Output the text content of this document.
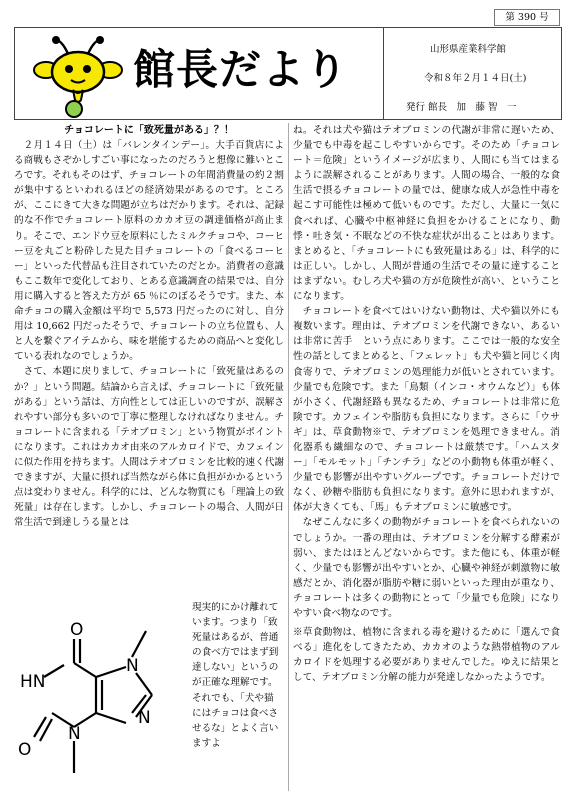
第 390 号
館長だより	山形県産業科学館
令和８年２月１４日(土)
発行 館長　加　藤 智　一
チョコレートに「致死量がある」？！

２月１４日（土）は「バレンタインデー」。大手百貨店による商戦もさぞかしすごい事になったのだろうと想像に難いところです。それもそのはず、チョコレートの年間消費量の約２割が集中するといわれるほどの経済効果があるのです。ところが、ここにきて大きな問題が立ちはだかります。それは、記録的な不作でチョコレート原料のカカオ豆の調達価格が高止まり。そこで、エンドウ豆を原料にしたミルクチョコや、コーヒー豆を丸ごと粉砕した見た目チョコレートの「食べるコーヒー」といった代替品も注目されていたのだとか。消費者の意識もここ数年で変化しており、とある意識調査の結果では、自分用に購入すると答えた方が 65 ％にのぼるそうです。また、本命チョコの購入金額は平均で 5,573 円だったのに対し、自分用は 10,662 円だったそうで、チョコレートの立ち位置も、人と人を繋ぐアイテムから、味を堪能するための商品へと変化している表れなのでしょうか。

さて、本題に戻りまして、チョコレートに「致死量はあるのか？」という問題。結論から言えば、チョコレートに「致死量がある」という話は、方向性としては正しいのですが、誤解されやすい部分も多いので丁寧に整理しなければなりません。チョコレートに含まれる「テオブロミン」という物質がポイントになります。これはカカオ由来のアルカロイドで、カフェインに似た作用を持ちます。人間はテオブロミンを比較的速く代謝できますが、大量に摂れば当然ながら体に負担がかかるという点は変わりません。科学的には、どんな物質にも「理論上の致死量」は存在します。しかし、チョコレートの場合、人間が日常生活で到達しうる量とは

O
N
HN
N
O
N
現実的にかけ離れています。つまり「致死量はあるが、普通の食べ方ではまず到達しない」というのが正確な理解です。それでも、「犬や猫にはチョコは食べさせるな」とよく言いますよ

ね。それは犬や猫はテオブロミンの代謝が非常に遅いため、少量でも中毒を起こしやすいからです。そのため「チョコレート＝危険」というイメージが広まり、人間にも当てはまるように誤解されることがあります。人間の場合、一般的な食生活で摂るチョコレートの量では、健康な成人が急性中毒を起こす可能性は極めて低いものです。ただし、大量に一気に食べれば、心臓や中枢神経に負担をかけることになり、動悸・吐き気・不眠などの不快な症状が出ることはあります。まとめると、「チョコレートにも致死量はある」は、科学的には正しい。しかし、人間が普通の生活でその量に達することはまずない。むしろ犬や猫の方が危険性が高い、ということになります。

チョコレートを食べてはいけない動物は、犬や猫以外にも複数います。理由は、テオブロミンを代謝できない、あるいは非常に苦手　という点にあります。ここでは一般的な安全性の話としてまとめると、「フェレット」も犬や猫と同じく肉食寄りで、テオブロミンの処理能力が低いとされています。少量でも危険です。また「鳥類（インコ・オウムなど）」も体が小さく、代謝経路も異なるため、チョコレートは非常に危険です。カフェインや脂肪も負担になります。さらに「ウサギ」は、草食動物※で、テオブロミンを処理できません。消化器系も繊細なので、チョコレートは厳禁です。「ハムスター」「モルモット」「チンチラ」などの小動物も体重が軽く、少量でも影響が出やすいグループです。チョコレートだけでなく、砂糖や脂肪も負担になります。意外に思われますが、体が大きくても、「馬」もテオブロミンに敏感です。

なぜこんなに多くの動物がチョコレートを食べられないのでしょうか。一番の理由は、テオブロミンを分解する酵素が弱い、またはほとんどないからです。また他にも、体重が軽く、少量でも影響が出やすいとか、心臓や神経が刺激物に敏感だとか、消化器が脂肪や糖に弱いといった理由が重なり、チョコレートは多くの動物にとって「少量でも危険」になりやすい食べ物なのです。

※草食動物は、植物に含まれる毒を避けるために「選んで食べる」進化をしてきたため、カカオのような熱帯植物のアルカロイドを処理する必要がありませんでした。ゆえに結果として、テオブロミン分解の能力が発達しなかったようです。
